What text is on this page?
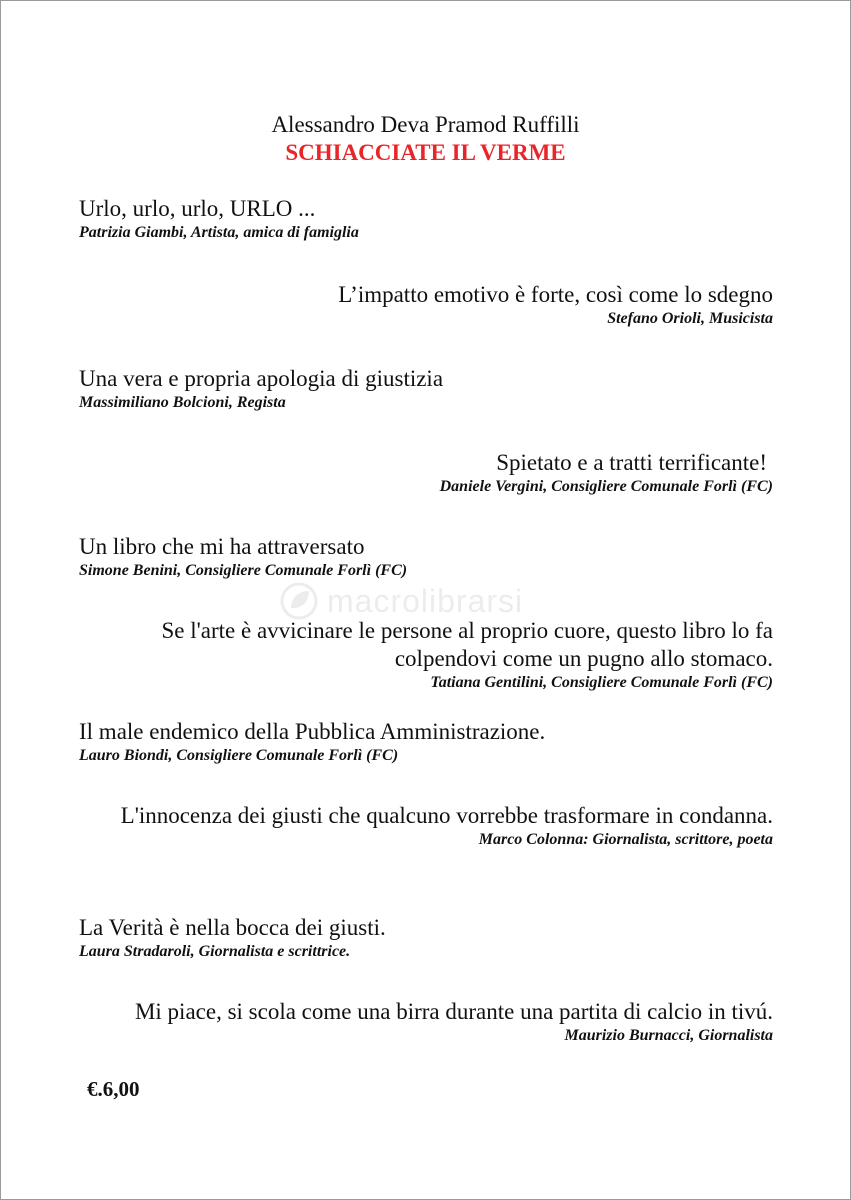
Alessandro Deva Pramod Ruffilli
SCHIACCIATE IL VERME
macrolibrarsi
Urlo, urlo, urlo, URLO ...
Patrizia Giambi, Artista, amica di famiglia
L’impatto emotivo è forte, così come lo sdegno
Stefano Orioli, Musicista
Una vera e propria apologia di giustizia
Massimiliano Bolcioni, Regista
Spietato e a tratti terrificante!
Daniele Vergini, Consigliere Comunale Forlì (FC)
Un libro che mi ha attraversato
Simone Benini, Consigliere Comunale Forlì (FC)
Se l'arte è avvicinare le persone al proprio cuore, questo libro lo fa colpendovi come un pugno allo stomaco.
Tatiana Gentilini, Consigliere Comunale Forlì (FC)
Il male endemico della Pubblica Amministrazione.
Lauro Biondi, Consigliere Comunale Forlì (FC)
L'innocenza dei giusti che qualcuno vorrebbe trasformare in condanna.
Marco Colonna: Giornalista, scrittore, poeta
La Verità è nella bocca dei giusti.
Laura Stradaroli, Giornalista e scrittrice.
Mi piace, si scola come una birra durante una partita di calcio in tivú.
Maurizio Burnacci, Giornalista
€.6,00
